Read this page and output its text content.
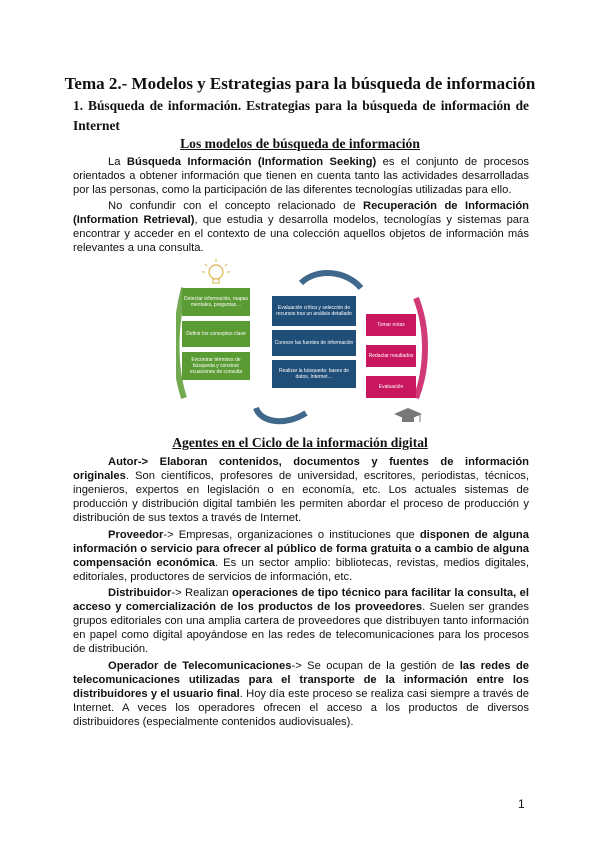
Tema 2.- Modelos y Estrategias para la búsqueda de información
1. Búsqueda de información. Estrategias para la búsqueda de información de Internet
Los modelos de búsqueda de información

La Búsqueda Información (Information Seeking) es el conjunto de procesos orientados a obtener información que tienen en cuenta tanto las actividades desarrolladas por las personas, como la participación de las diferentes tecnologías utilizadas para ello.

No confundir con el concepto relacionado de Recuperación de Información (Information Retrieval), que estudia y desarrolla modelos, tecnologías y sistemas para encontrar y acceder en el contexto de una colección aquellos objetos de información más relevantes a una consulta.

Detectar información, mapas mentales, preguntas…
Definir los conceptos clave
Encontrar términos de búsqueda y construir ecuaciones de consulta
Evaluación crítica y selección de recursos tras un análisis detallado
Conocer las fuentes de información
Realizar la búsqueda: bases de datos, Internet…
Tomar notas
Redactar resultados
Evaluación
Agentes en el Ciclo de la información digital

Autor-> Elaboran contenidos, documentos y fuentes de información originales. Son científicos, profesores de universidad, escritores, periodistas, técnicos, ingenieros, expertos en legislación o en economía, etc. Los actuales sistemas de producción y distribución digital también les permiten abordar el proceso de producción y distribución de sus textos a través de Internet.

Proveedor-> Empresas, organizaciones o instituciones que disponen de alguna información o servicio para ofrecer al público de forma gratuita o a cambio de alguna compensación económica. Es un sector amplio: bibliotecas, revistas, medios digitales, editoriales, productores de servicios de información, etc.

Distribuidor-> Realizan operaciones de tipo técnico para facilitar la consulta, el acceso y comercialización de los productos de los proveedores. Suelen ser grandes grupos editoriales con una amplia cartera de proveedores que distribuyen tanto información en papel como digital apoyándose en las redes de telecomunicaciones para los procesos de distribución.

Operador de Telecomunicaciones-> Se ocupan de la gestión de las redes de telecomunicaciones utilizadas para el transporte de la información entre los distribuidores y el usuario final. Hoy día este proceso se realiza casi siempre a través de Internet. A veces los operadores ofrecen el acceso a los productos de diversos distribuidores (especialmente contenidos audiovisuales).

1
